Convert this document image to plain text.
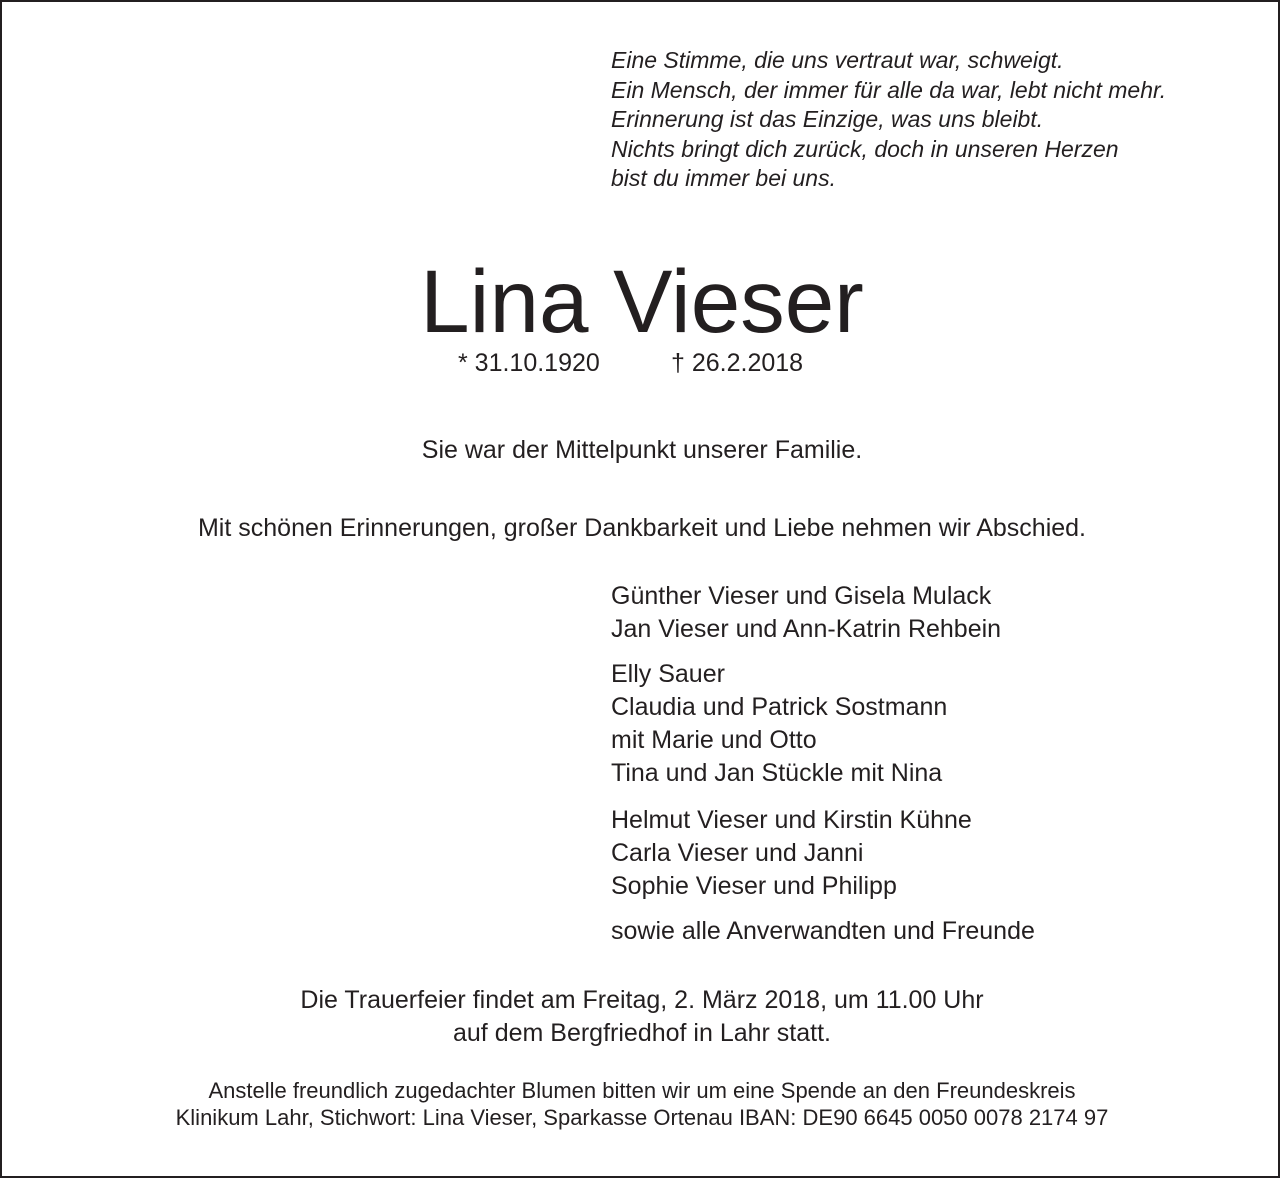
Eine Stimme, die uns vertraut war, schweigt.
Ein Mensch, der immer für alle da war, lebt nicht mehr.
Erinnerung ist das Einzige, was uns bleibt.
Nichts bringt dich zurück, doch in unseren Herzen
bist du immer bei uns.
Lina Vieser
* 31.10.1920	† 26.2.2018
Sie war der Mittelpunkt unserer Familie.
Mit schönen Erinnerungen, großer Dankbarkeit und Liebe nehmen wir Abschied.
Günther Vieser und Gisela Mulack
Jan Vieser und Ann-Katrin Rehbein
Elly Sauer
Claudia und Patrick Sostmann
mit Marie und Otto
Tina und Jan Stückle mit Nina
Helmut Vieser und Kirstin Kühne
Carla Vieser und Janni
Sophie Vieser und Philipp
sowie alle Anverwandten und Freunde
Die Trauerfeier findet am Freitag, 2. März 2018, um 11.00 Uhr
auf dem Bergfriedhof in Lahr statt.
Anstelle freundlich zugedachter Blumen bitten wir um eine Spende an den Freundeskreis
Klinikum Lahr, Stichwort: Lina Vieser, Sparkasse Ortenau IBAN: DE90 6645 0050 0078 2174 97
